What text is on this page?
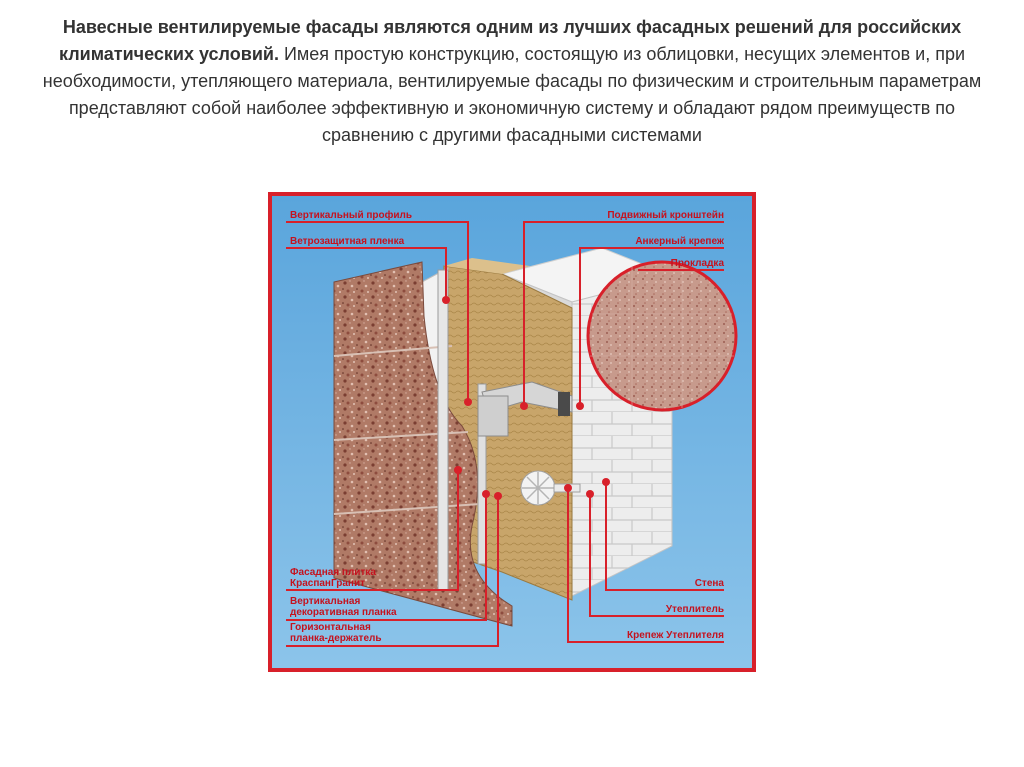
Навесные вентилируемые фасады являются одним из лучших фасадных решений для российских климатических условий. Имея простую конструкцию, состоящую из облицовки, несущих элементов и, при необходимости, утепляющего материала, вентилируемые фасады по физическим и строительным параметрам представляют собой наиболее эффективную и экономичную систему и обладают рядом преимуществ по сравнению с другими фасадными системами

Вертикальный профиль
Ветрозащитная пленка
Подвижный кронштейн
Анкерный крепеж
Прокладка
Фасадная плитка
КраспанГранит
Вертикальная
декоративная планка
Горизонтальная
планка-держатель
Стена
Утеплитель
Крепеж Утеплителя
